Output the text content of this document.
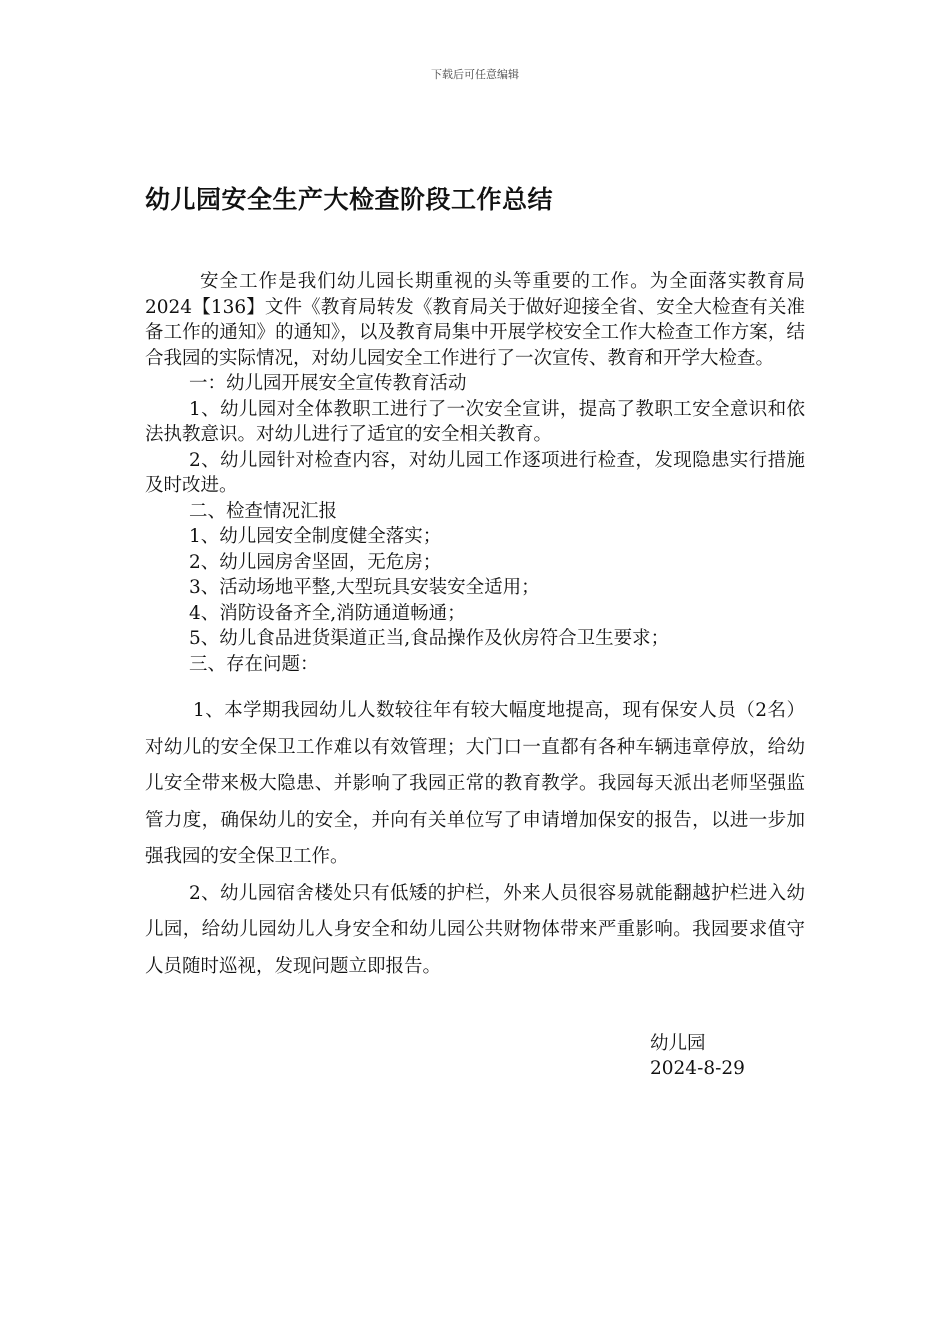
下载后可任意编辑
幼儿园安全生产大检查阶段工作总结

安全工作是我们幼儿园长期重视的头等重要的工作。为全面落实教育局2024【136】文件《教育局转发《教育局关于做好迎接全省、安全大检查有关准备工作的通知》的通知》，以及教育局集中开展学校安全工作大检查工作方案，结合我园的实际情况，对幼儿园安全工作进行了一次宣传、教育和开学大检查。

一：幼儿园开展安全宣传教育活动

1、幼儿园对全体教职工进行了一次安全宣讲，提高了教职工安全意识和依法执教意识。对幼儿进行了适宜的安全相关教育。

2、幼儿园针对检查内容，对幼儿园工作逐项进行检查，发现隐患实行措施及时改进。

二、检查情况汇报

1、幼儿园安全制度健全落实；

2、幼儿园房舍坚固，无危房；

3、活动场地平整,大型玩具安装安全适用；

4、消防设备齐全,消防通道畅通；

5、幼儿食品进货渠道正当,食品操作及伙房符合卫生要求；

三、存在问题：

1、本学期我园幼儿人数较往年有较大幅度地提高，现有保安人员（2名）对幼儿的安全保卫工作难以有效管理；大门口一直都有各种车辆违章停放，给幼儿安全带来极大隐患、并影响了我园正常的教育教学。我园每天派出老师坚强监管力度，确保幼儿的安全，并向有关单位写了申请增加保安的报告，以进一步加强我园的安全保卫工作。

2、幼儿园宿舍楼处只有低矮的护栏，外来人员很容易就能翻越护栏进入幼儿园，给幼儿园幼儿人身安全和幼儿园公共财物体带来严重影响。我园要求值守人员随时巡视，发现问题立即报告。

幼儿园
2024-8-29
